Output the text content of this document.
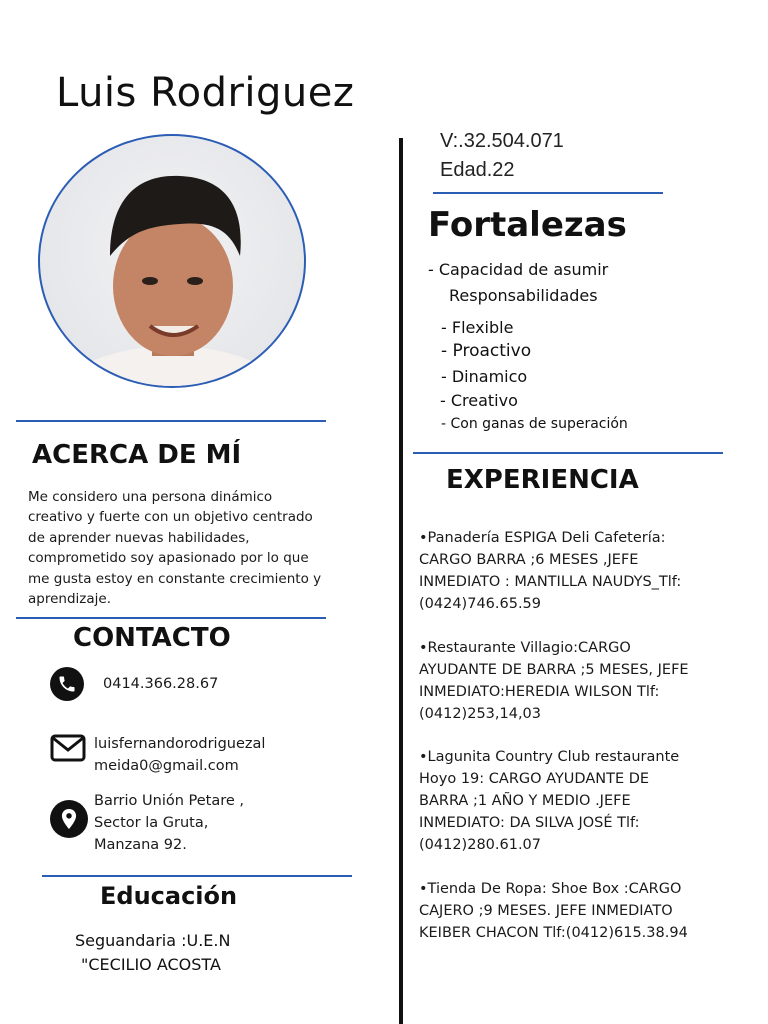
Luis Rodriguez
ACERCA DE MÍ

Me considero una persona dinámico

creativo y fuerte con un objetivo centrado

de aprender nuevas habilidades,

comprometido soy apasionado por lo que

me gusta estoy en constante crecimiento y

aprendizaje.

CONTACTO

0414.366.28.67

luisfernandorodriguezal

meida0@gmail.com

Barrio Unión Petare ,

Sector la Gruta,

Manzana 92.

Educación

Seguandaria :U.E.N

"CECILIO ACOSTA

V:.32.504.071
Edad.22
Fortalezas
- Capacidad de asumir
Responsabilidades
- Flexible
- Proactivo
- Dinamico
- Creativo
- Con ganas de superación
EXPERIENCIA

•Panadería ESPIGA Deli Cafetería:

CARGO BARRA ;6 MESES ,JEFE

INMEDIATO : MANTILLA NAUDYS_Tlf:

(0424)746.65.59

•Restaurante Villagio:CARGO

AYUDANTE DE BARRA ;5 MESES, JEFE

INMEDIATO:HEREDIA WILSON Tlf:

(0412)253,14,03

•Lagunita Country Club restaurante

Hoyo 19: CARGO AYUDANTE DE

BARRA ;1 AÑO Y MEDIO .JEFE

INMEDIATO: DA SILVA JOSÉ Tlf:

(0412)280.61.07

•Tienda De Ropa: Shoe Box :CARGO

CAJERO ;9 MESES. JEFE INMEDIATO

KEIBER CHACON Tlf:(0412)615.38.94
